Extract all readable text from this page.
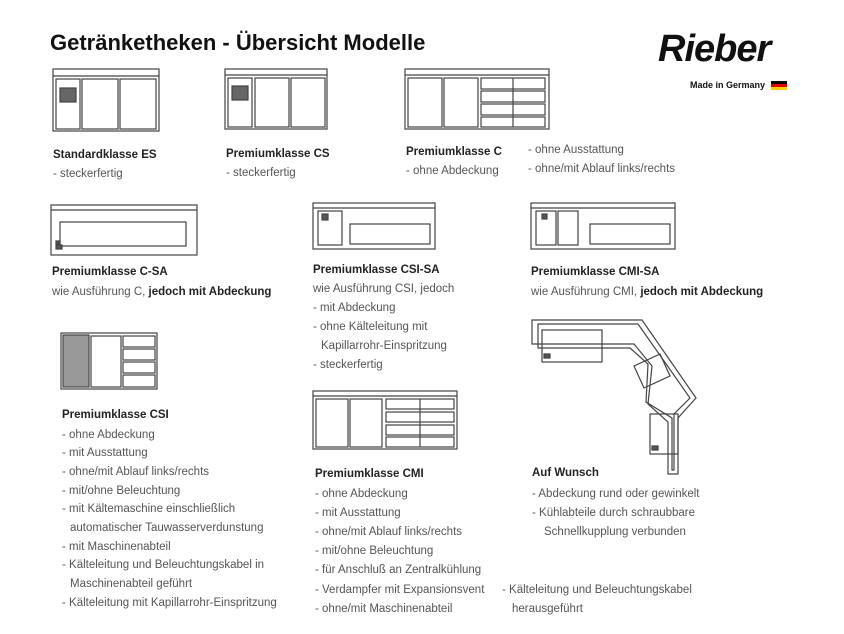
Getränketheken - Übersicht Modelle	Rieber
Made in Germany
Standardklasse ES
- steckerfertig
Premiumklasse CS
- steckerfertig
Premiumklasse C
- ohne Abdeckung
- ohne Ausstattung
- ohne/mit Ablauf links/rechts
Premiumklasse C-SA
wie Ausführung C, jedoch mit Abdeckung
Premiumklasse CSI-SA
wie Ausführung CSI, jedoch
- mit Abdeckung
- ohne Kälteleitung mit
Kapillarrohr-Einspritzung
- steckerfertig
Premiumklasse CMI-SA
wie Ausführung CMI, jedoch mit Abdeckung
Premiumklasse CSI
- ohne Abdeckung
- mit Ausstattung
- ohne/mit Ablauf links/rechts
- mit/ohne Beleuchtung
- mit Kältemaschine einschließlich
automatischer Tauwasserverdunstung
- mit Maschinenabteil
- Kälteleitung und Beleuchtungskabel in
Maschinenabteil geführt
- Kälteleitung mit Kapillarrohr-Einspritzung
Premiumklasse CMI
- ohne Abdeckung
- mit Ausstattung
- ohne/mit Ablauf links/rechts
- mit/ohne Beleuchtung
- für Anschluß an Zentralkühlung
- Verdampfer mit Expansionsvent
- ohne/mit Maschinenabteil
- Kälteleitung und Beleuchtungskabel
herausgeführt
Auf Wunsch
- Abdeckung rund oder gewinkelt
- Kühlabteile durch schraubbare
Schnellkupplung verbunden
